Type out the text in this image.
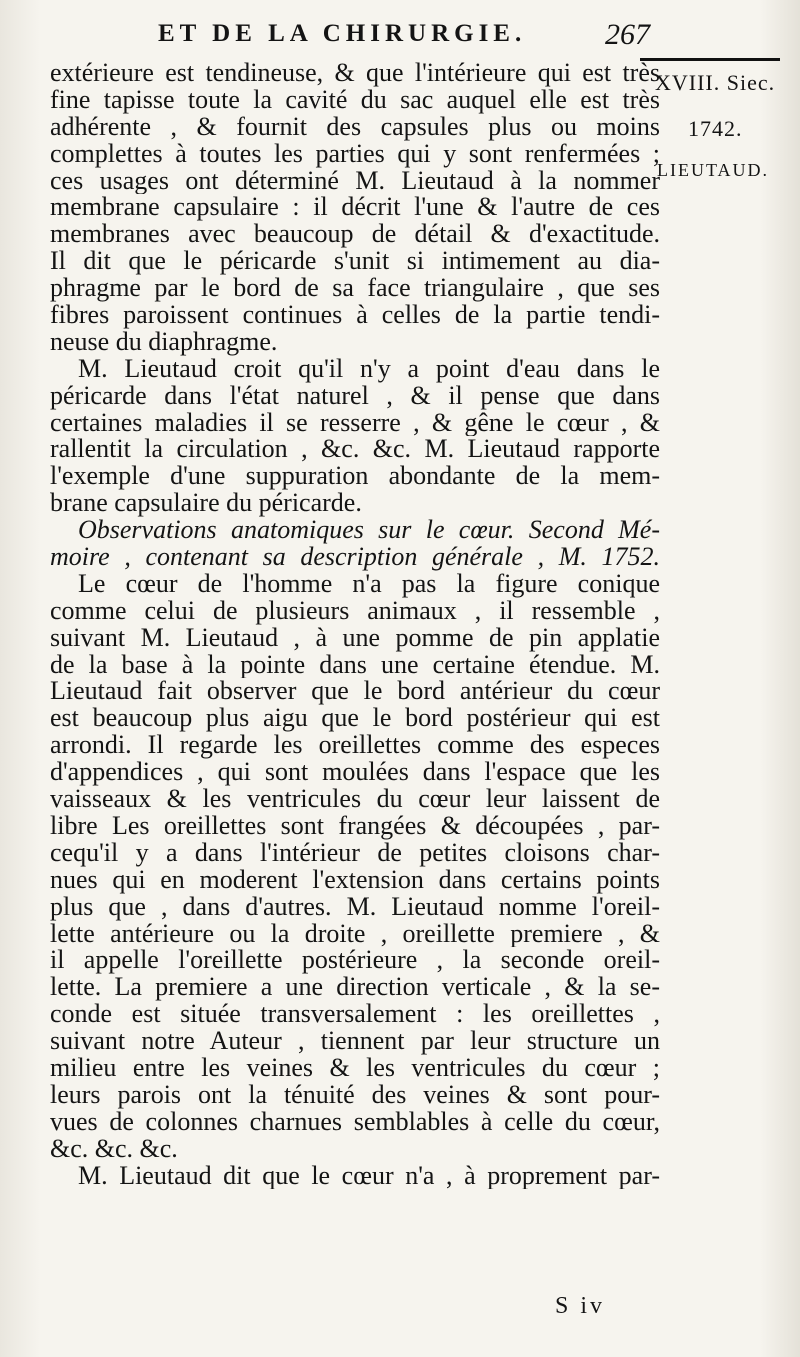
ET DE LA CHIRURGIE.	267
XVIII. Siec.
1742.
LIEUTAUD.
extérieure est tendineuse, & que l'intérieure qui est très
fine tapisse toute la cavité du sac auquel elle est très
adhérente , & fournit des capsules plus ou moins
complettes à toutes les parties qui y sont renfermées ;
ces usages ont déterminé M. Lieutaud à la nommer
membrane capsulaire : il décrit l'une & l'autre de ces
membranes avec beaucoup de détail & d'exactitude.
Il dit que le péricarde s'unit si intimement au dia-
phragme par le bord de sa face triangulaire , que ses
fibres paroissent continues à celles de la partie tendi-
neuse du diaphragme.
M. Lieutaud croit qu'il n'y a point d'eau dans le
péricarde dans l'état naturel , & il pense que dans
certaines maladies il se resserre , & gêne le cœur , &
rallentit la circulation , &c. &c. M. Lieutaud rapporte
l'exemple d'une suppuration abondante de la mem-
brane capsulaire du péricarde.
Observations anatomiques sur le cœur. Second Mé-
moire , contenant sa description générale , M. 1752.
Le cœur de l'homme n'a pas la figure conique
comme celui de plusieurs animaux , il ressemble ,
suivant M. Lieutaud , à une pomme de pin applatie
de la base à la pointe dans une certaine étendue. M.
Lieutaud fait observer que le bord antérieur du cœur
est beaucoup plus aigu que le bord postérieur qui est
arrondi. Il regarde les oreillettes comme des especes
d'appendices , qui sont moulées dans l'espace que les
vaisseaux & les ventricules du cœur leur laissent de
libre Les oreillettes sont frangées & découpées , par-
cequ'il y a dans l'intérieur de petites cloisons char-
nues qui en moderent l'extension dans certains points
plus que , dans d'autres. M. Lieutaud nomme l'oreil-
lette antérieure ou la droite , oreillette premiere , &
il appelle l'oreillette postérieure , la seconde oreil-
lette. La premiere a une direction verticale , & la se-
conde est située transversalement : les oreillettes ,
suivant notre Auteur , tiennent par leur structure un
milieu entre les veines & les ventricules du cœur ;
leurs parois ont la ténuité des veines & sont pour-
vues de colonnes charnues semblables à celle du cœur,
&c. &c. &c.
M. Lieutaud dit que le cœur n'a , à proprement par-
S iv
